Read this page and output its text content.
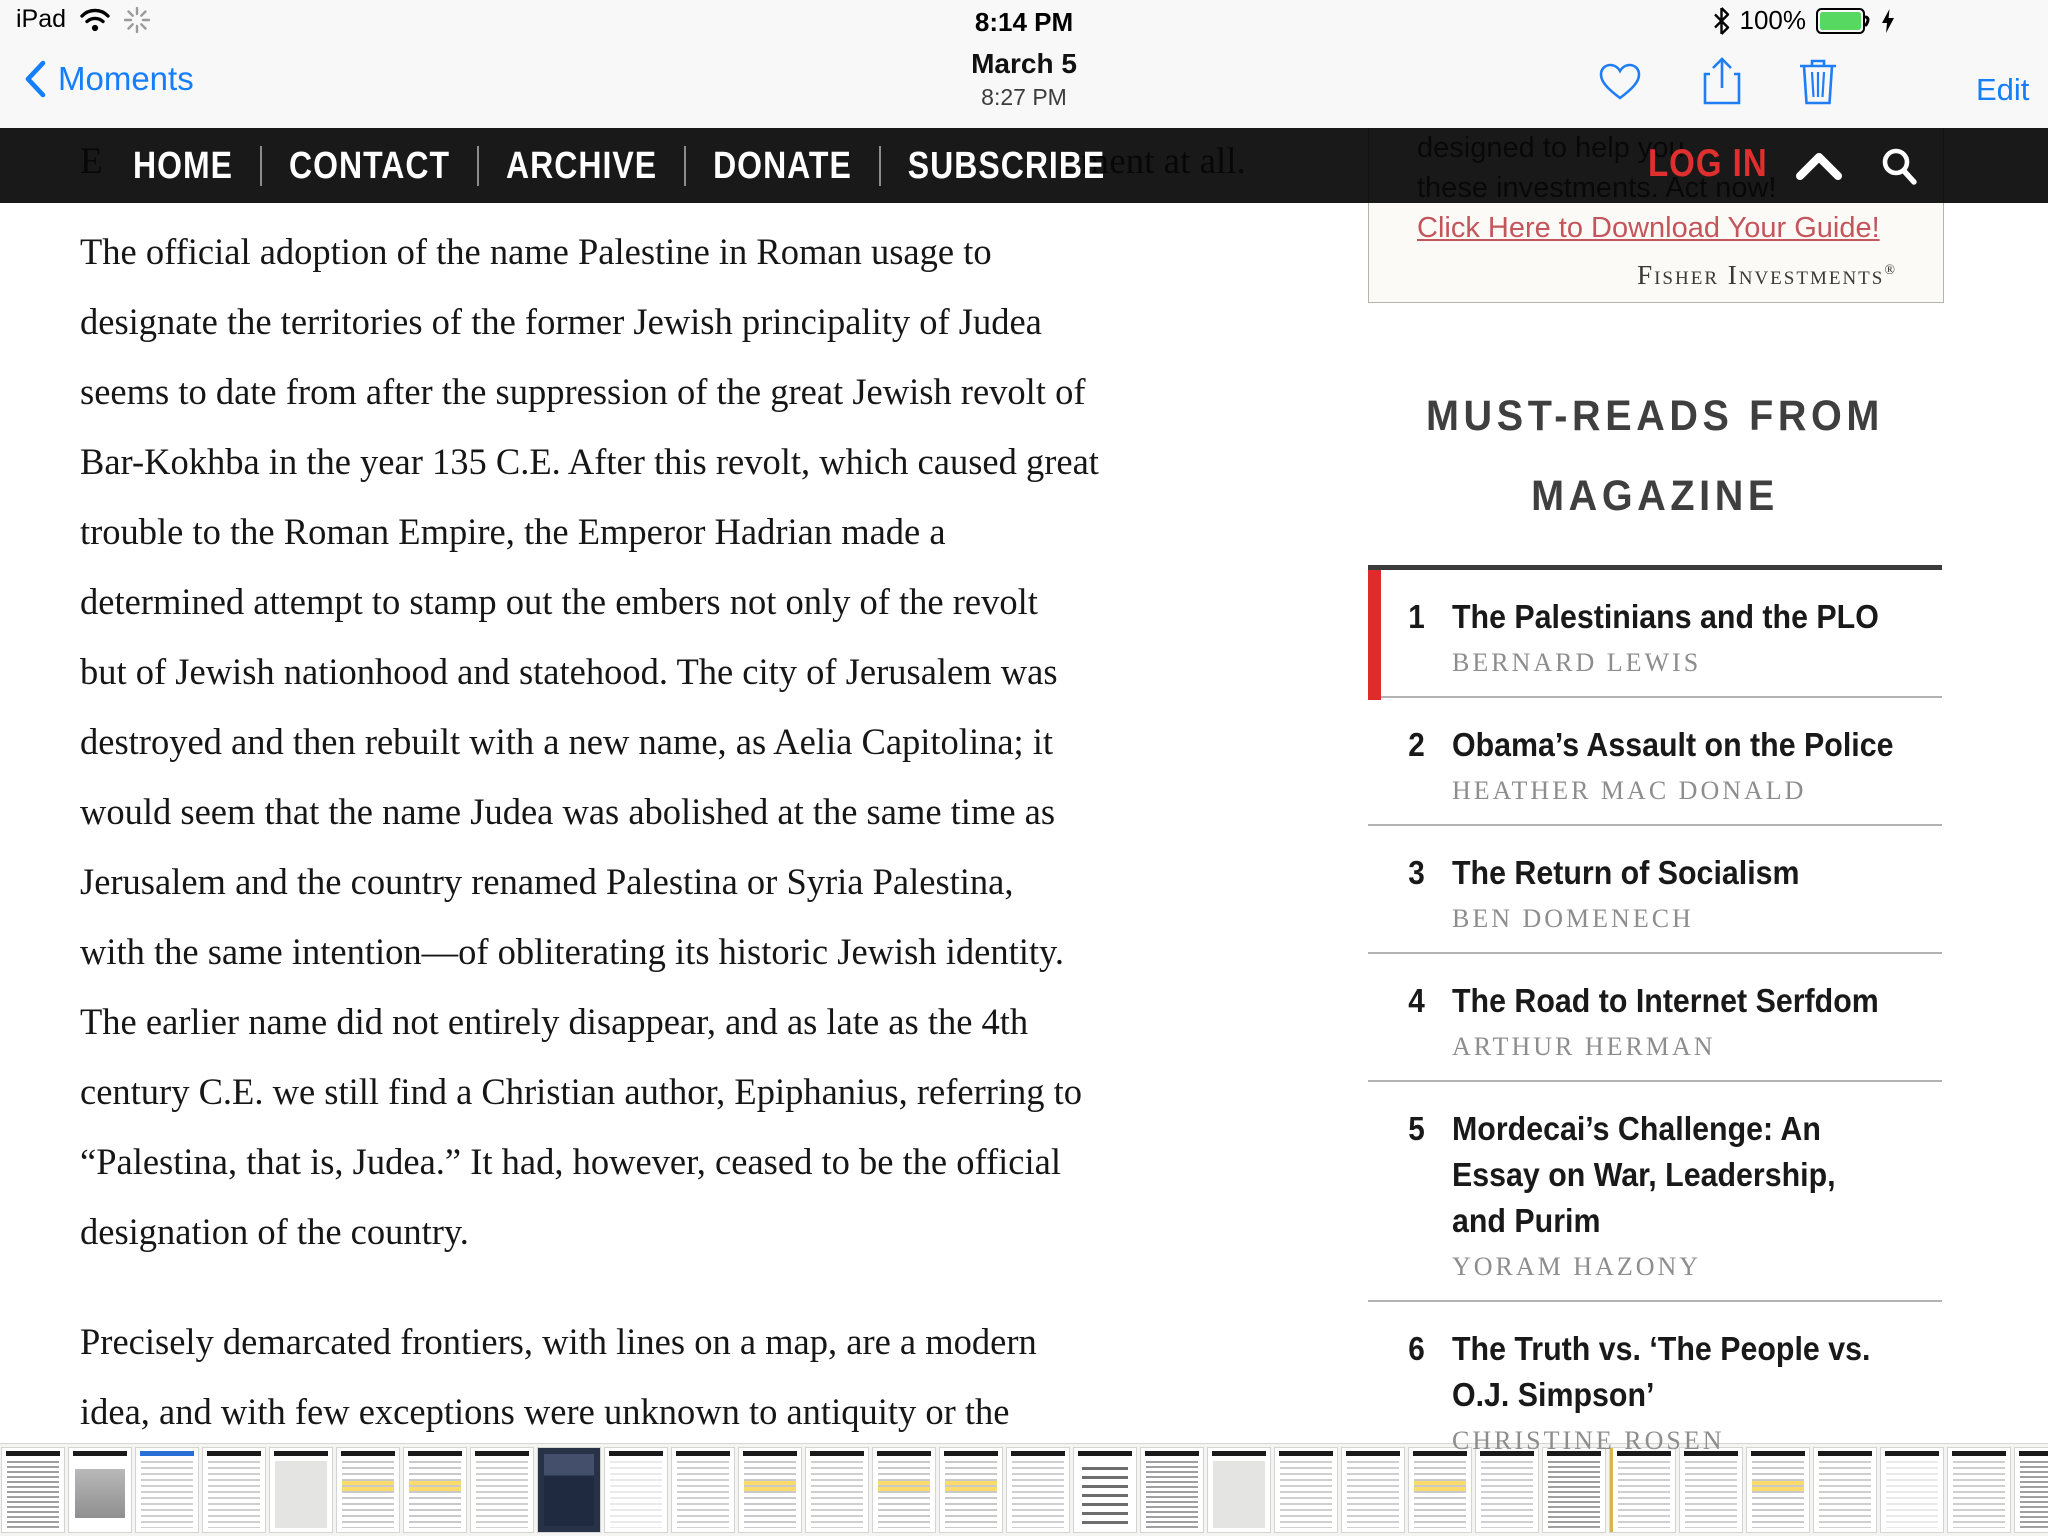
iPad	8:14 PM	100%
Moments	March 5
8:27 PM	Edit
Click Here to Download Your Guide!
Fisher Investments®
HOME	CONTACT	ARCHIVE	DONATE	SUBSCRIBE	LOG IN
The official adoption of the name Palestine in Roman usage to
designate the territories of the former Jewish principality of Judea
seems to date from after the suppression of the great Jewish revolt of
Bar-Kokhba in the year 135 C.E. After this revolt, which caused great
trouble to the Roman Empire, the Emperor Hadrian made a
determined attempt to stamp out the embers not only of the revolt
but of Jewish nationhood and statehood. The city of Jerusalem was
destroyed and then rebuilt with a new name, as Aelia Capitolina; it
would seem that the name Judea was abolished at the same time as
Jerusalem and the country renamed Palestina or Syria Palestina,
with the same intention—of obliterating its historic Jewish identity.
The earlier name did not entirely disappear, and as late as the 4th
century C.E. we still find a Christian author, Epiphanius, referring to
“Palestina, that is, Judea.” It had, however, ceased to be the official
designation of the country.
Precisely demarcated frontiers, with lines on a map, are a modern
idea, and with few exceptions were unknown to antiquity or the
MUST-READS FROM
MAGAZINE
1 The Palestinians and the PLO
BERNARD LEWIS
2 Obama’s Assault on the Police
HEATHER MAC DONALD
3 The Return of Socialism
BEN DOMENECH
4 The Road to Internet Serfdom
ARTHUR HERMAN
5 Mordecai’s Challenge: An Essay on War, Leadership, and Purim
YORAM HAZONY
6 The Truth vs. ‘The People vs. O.J. Simpson’
CHRISTINE ROSEN
